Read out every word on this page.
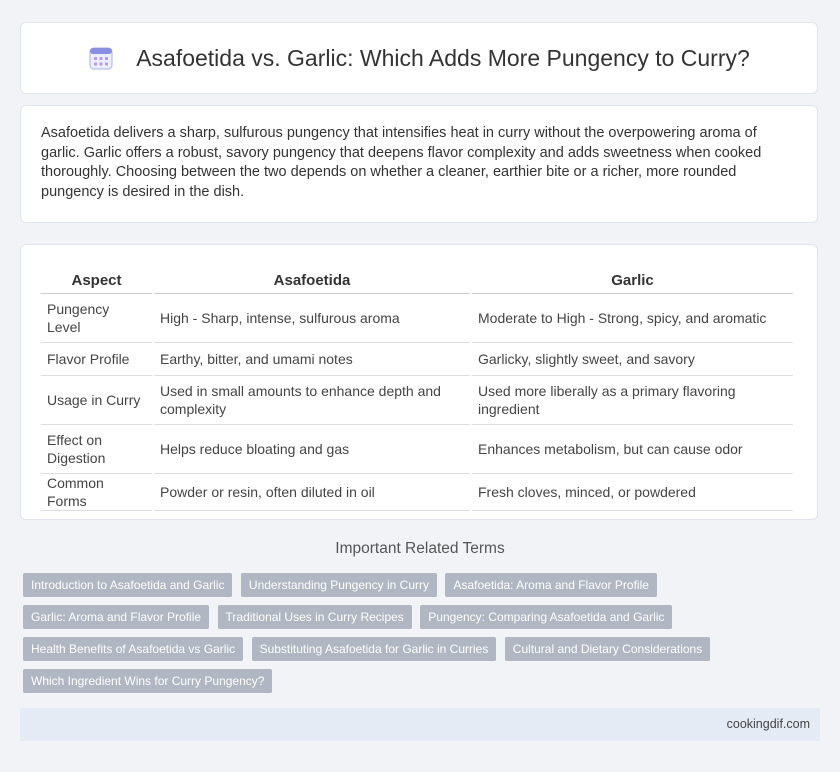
Asafoetida vs. Garlic: Which Adds More Pungency to Curry?

Asafoetida delivers a sharp, sulfurous pungency that intensifies heat in curry without the overpowering aroma of garlic. Garlic offers a robust, savory pungency that deepens flavor complexity and adds sweetness when cooked thoroughly. Choosing between the two depends on whether a cleaner, earthier bite or a richer, more rounded pungency is desired in the dish.

Aspect	Asafoetida	Garlic
Pungency Level	High - Sharp, intense, sulfurous aroma	Moderate to High - Strong, spicy, and aromatic
Flavor Profile	Earthy, bitter, and umami notes	Garlicky, slightly sweet, and savory
Usage in Curry	Used in small amounts to enhance depth and complexity	Used more liberally as a primary flavoring ingredient
Effect on Digestion	Helps reduce bloating and gas	Enhances metabolism, but can cause odor
Common Forms	Powder or resin, often diluted in oil	Fresh cloves, minced, or powdered
Important Related Terms
Introduction to Asafoetida and Garlic Understanding Pungency in Curry Asafoetida: Aroma and Flavor Profile Garlic: Aroma and Flavor Profile Traditional Uses in Curry Recipes Pungency: Comparing Asafoetida and Garlic Health Benefits of Asafoetida vs Garlic Substituting Asafoetida for Garlic in Curries Cultural and Dietary Considerations Which Ingredient Wins for Curry Pungency?
cookingdif.com
